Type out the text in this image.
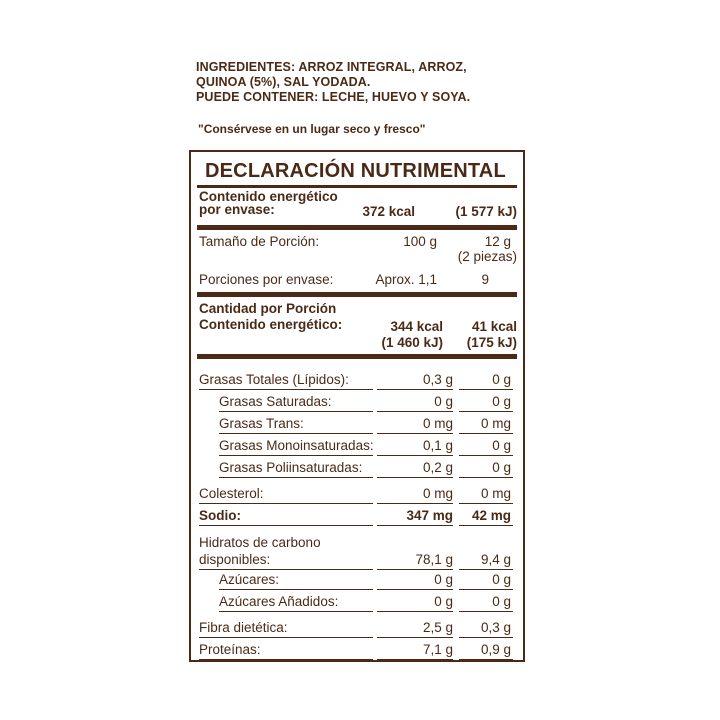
INGREDIENTES: ARROZ INTEGRAL, ARROZ,
QUINOA (5%), SAL YODADA.
PUEDE CONTENER: LECHE, HUEVO Y SOYA.
"Consérvese en un lugar seco y fresco"
DECLARACIÓN NUTRIMENTAL
Contenido energético
por envase:	372 kcal	(1 577 kJ)
Tamaño de Porción:	100 g	12 g
(2 piezas)
Porciones por envase:	Aprox. 1,1	9
Cantidad por Porción
Contenido energético:	344 kcal	41 kcal
(1 460 kJ)	(175 kJ)
Grasas Totales (Lípidos):	0,3 g	0 g
Grasas Saturadas:	0 g	0 g
Grasas Trans:	0 mg	0 mg
Grasas Monoinsaturadas:	0,1 g	0 g
Grasas Poliinsaturadas:	0,2 g	0 g
Colesterol:	0 mg	0 mg
Sodio:	347 mg	42 mg
Hidratos de carbono
disponibles:	78,1 g	9,4 g
Azúcares:	0 g	0 g
Azúcares Añadidos:	0 g	0 g
Fibra dietética:	2,5 g	0,3 g
Proteínas:	7,1 g	0,9 g
